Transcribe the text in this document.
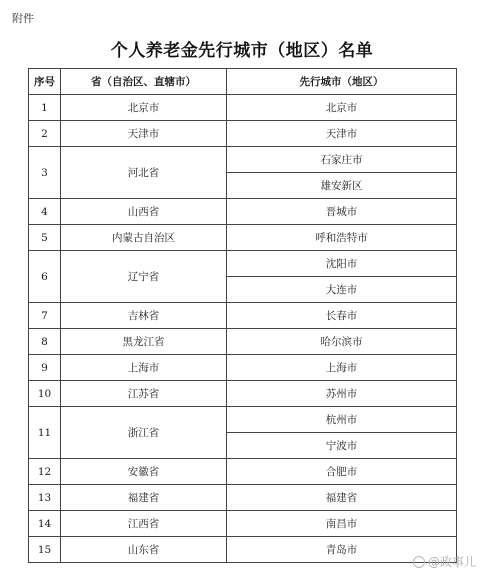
附件
个人养老金先行城市（地区）名单
序号	省（自治区、直辖市）	先行城市（地区）
1	北京市	北京市
2	天津市	天津市
3	河北省	石家庄市
		雄安新区
4	山西省	晋城市
5	内蒙古自治区	呼和浩特市
6	辽宁省	沈阳市
		大连市
7	吉林省	长春市
8	黑龙江省	哈尔滨市
9	上海市	上海市
10	江苏省	苏州市
11	浙江省	杭州市
		宁波市
12	安徽省	合肥市
13	福建省	福建省
14	江西省	南昌市
15	山东省	青岛市
@政事儿
